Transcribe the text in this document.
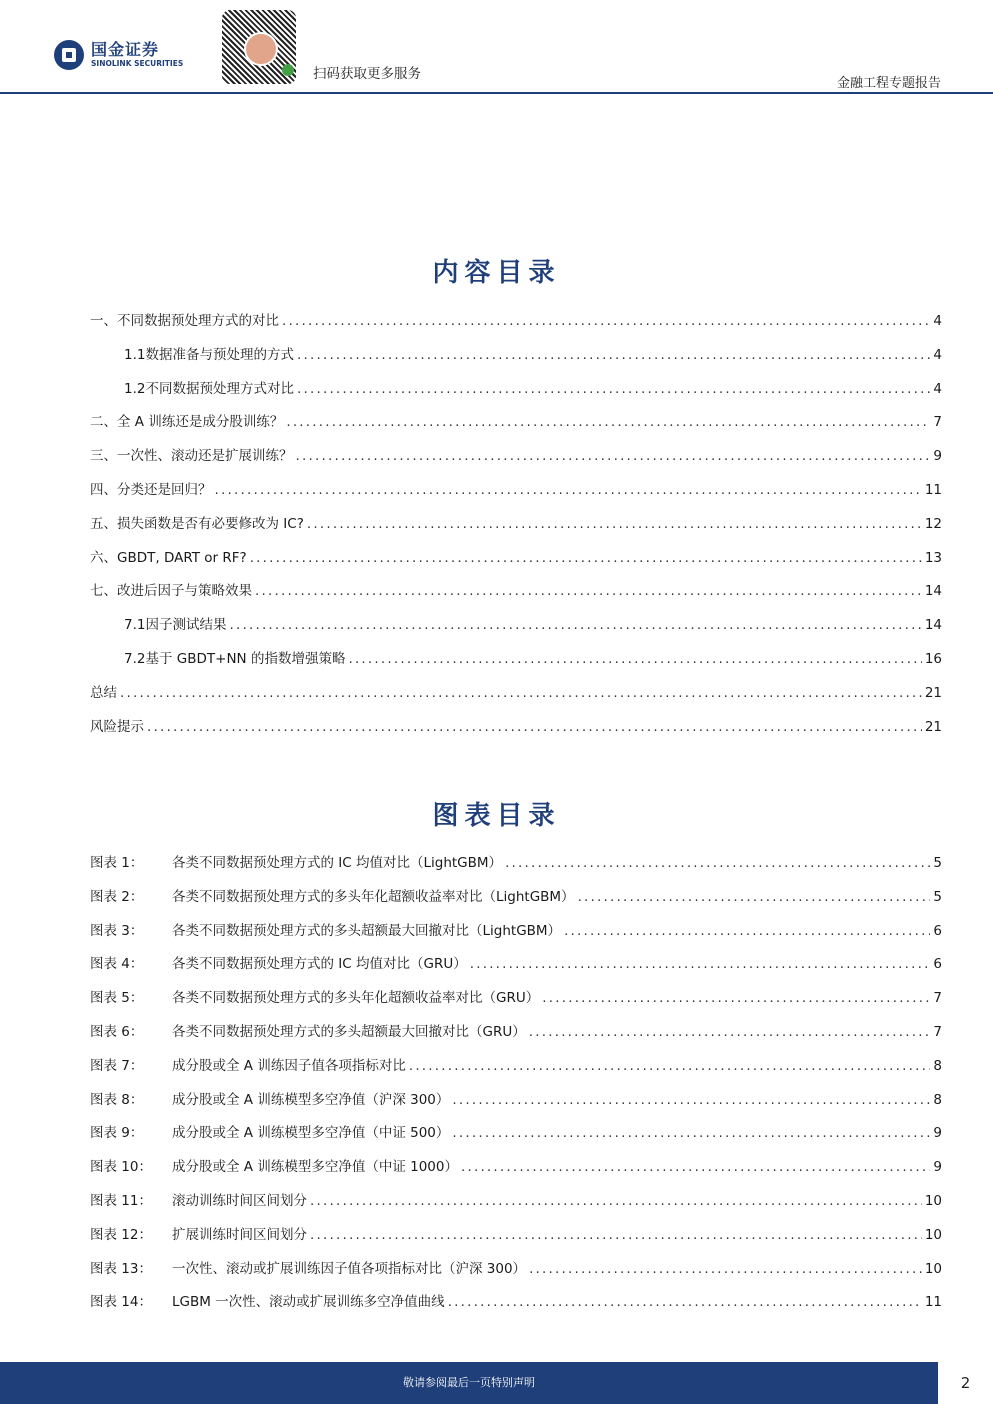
国金证券
SINOLINK SECURITIES
扫码获取更多服务
金融工程专题报告
内容目录
一、 不同数据预处理方式的对比 .....	4
1.1 数据准备与预处理的方式 .....	4
1.2 不同数据预处理方式对比 .....	4
二、 全 A 训练还是成分股训练？ .....	7
三、 一次性、滚动还是扩展训练？ .....	9
四、 分类还是回归？ .....	11
五、 损失函数是否有必要修改为 IC? .....	12
六、 GBDT, DART or RF? .....	13
七、 改进后因子与策略效果 .....	14
7.1 因子测试结果 .....	14
7.2 基于 GBDT+NN 的指数增强策略 .....	16
总结 .....	21
风险提示 .....	21
图表目录
图表 1：	各类不同数据预处理方式的 IC 均值对比（LightGBM） .....	5
图表 2：	各类不同数据预处理方式的多头年化超额收益率对比（LightGBM） .....	5
图表 3：	各类不同数据预处理方式的多头超额最大回撤对比（LightGBM） .....	6
图表 4：	各类不同数据预处理方式的 IC 均值对比（GRU） .....	6
图表 5：	各类不同数据预处理方式的多头年化超额收益率对比（GRU） .....	7
图表 6：	各类不同数据预处理方式的多头超额最大回撤对比（GRU） .....	7
图表 7：	成分股或全 A 训练因子值各项指标对比 .....	8
图表 8：	成分股或全 A 训练模型多空净值（沪深 300） .....	8
图表 9：	成分股或全 A 训练模型多空净值（中证 500） .....	9
图表 10：	成分股或全 A 训练模型多空净值（中证 1000） .....	9
图表 11：	滚动训练时间区间划分 .....	10
图表 12：	扩展训练时间区间划分 .....	10
图表 13：	一次性、滚动或扩展训练因子值各项指标对比（沪深 300） .....	10
图表 14：	LGBM 一次性、滚动或扩展训练多空净值曲线 .....	11
敬请参阅最后一页特别声明	2
